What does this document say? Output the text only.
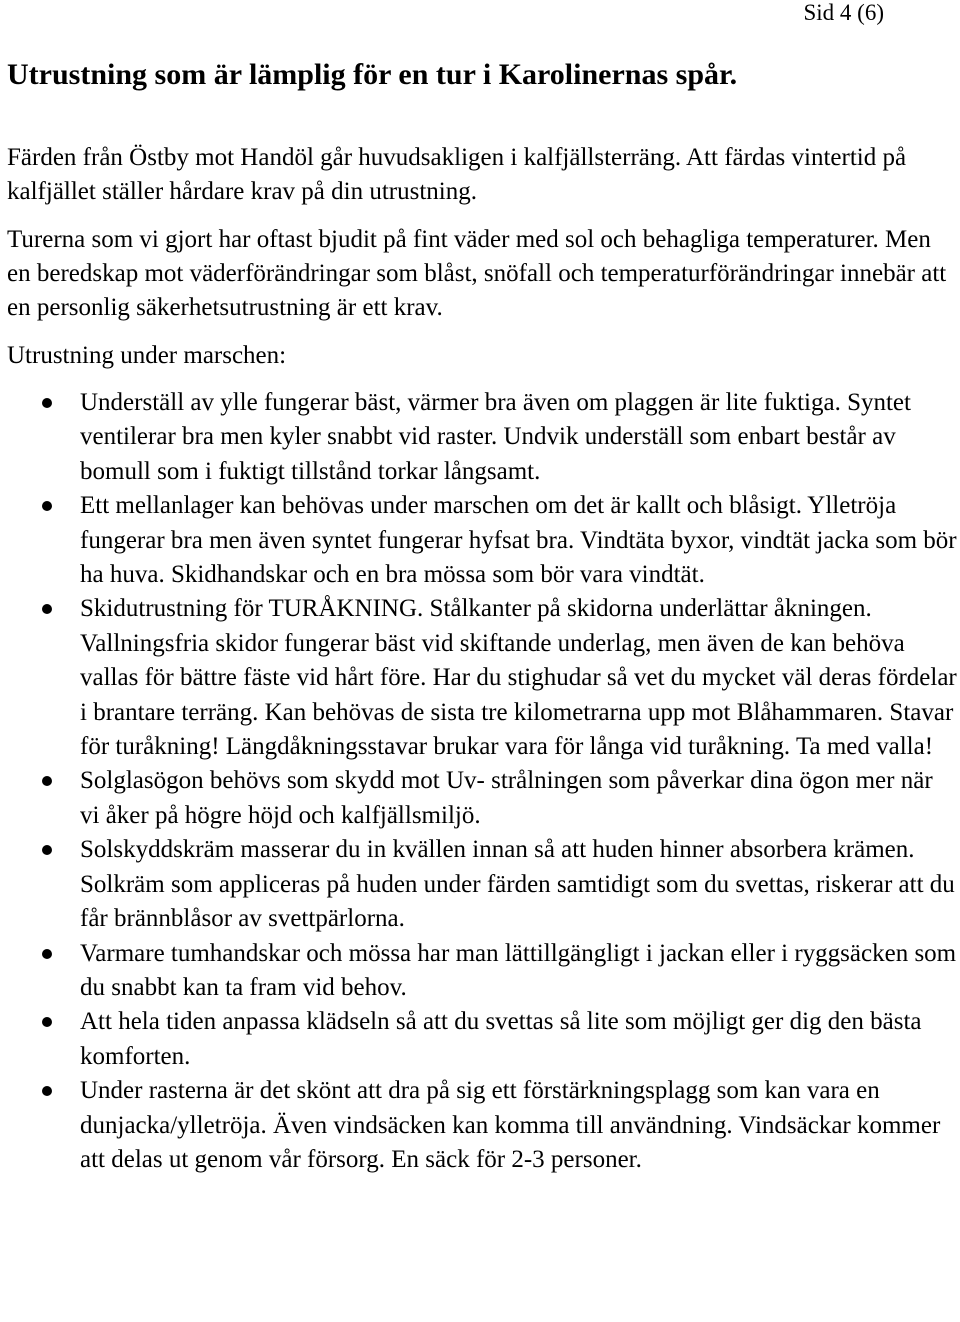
Sid 4 (6)
Utrustning som är lämplig för en tur i Karolinernas spår.

Färden från Östby mot Handöl går huvudsakligen i kalfjällsterräng. Att färdas vintertid på kalfjället ställer hårdare krav på din utrustning.

Turerna som vi gjort har oftast bjudit på fint väder med sol och behagliga temperaturer. Men en beredskap mot väderförändringar som blåst, snöfall och temperaturförändringar innebär att en personlig säkerhetsutrustning är ett krav.

Utrustning under marschen:

Underställ av ylle fungerar bäst, värmer bra även om plaggen är lite fuktiga. Syntet ventilerar bra men kyler snabbt vid raster. Undvik underställ som enbart består av bomull som i fuktigt tillstånd torkar långsamt.
Ett mellanlager kan behövas under marschen om det är kallt och blåsigt. Ylletröja fungerar bra men även syntet fungerar hyfsat bra. Vindtäta byxor, vindtät jacka som bör ha huva. Skidhandskar och en bra mössa som bör vara vindtät.
Skidutrustning för TURÅKNING. Stålkanter på skidorna underlättar åkningen. Vallningsfria skidor fungerar bäst vid skiftande underlag, men även de kan behöva vallas för bättre fäste vid hårt före. Har du stighudar så vet du mycket väl deras fördelar i brantare terräng. Kan behövas de sista tre kilometrarna upp mot Blåhammaren. Stavar för turåkning! Längdåkningsstavar brukar vara för långa vid turåkning. Ta med valla!
Solglasögon behövs som skydd mot Uv- strålningen som påverkar dina ögon mer när vi åker på högre höjd och kalfjällsmiljö.
Solskyddskräm masserar du in kvällen innan så att huden hinner absorbera krämen. Solkräm som appliceras på huden under färden samtidigt som du svettas, riskerar att du får brännblåsor av svettpärlorna.
Varmare tumhandskar och mössa har man lättillgängligt i jackan eller i ryggsäcken som du snabbt kan ta fram vid behov.
Att hela tiden anpassa klädseln så att du svettas så lite som möjligt ger dig den bästa komforten.
Under rasterna är det skönt att dra på sig ett förstärkningsplagg som kan vara en dunjacka/ylletröja. Även vindsäcken kan komma till användning. Vindsäckar kommer att delas ut genom vår försorg. En säck för 2-3 personer.
